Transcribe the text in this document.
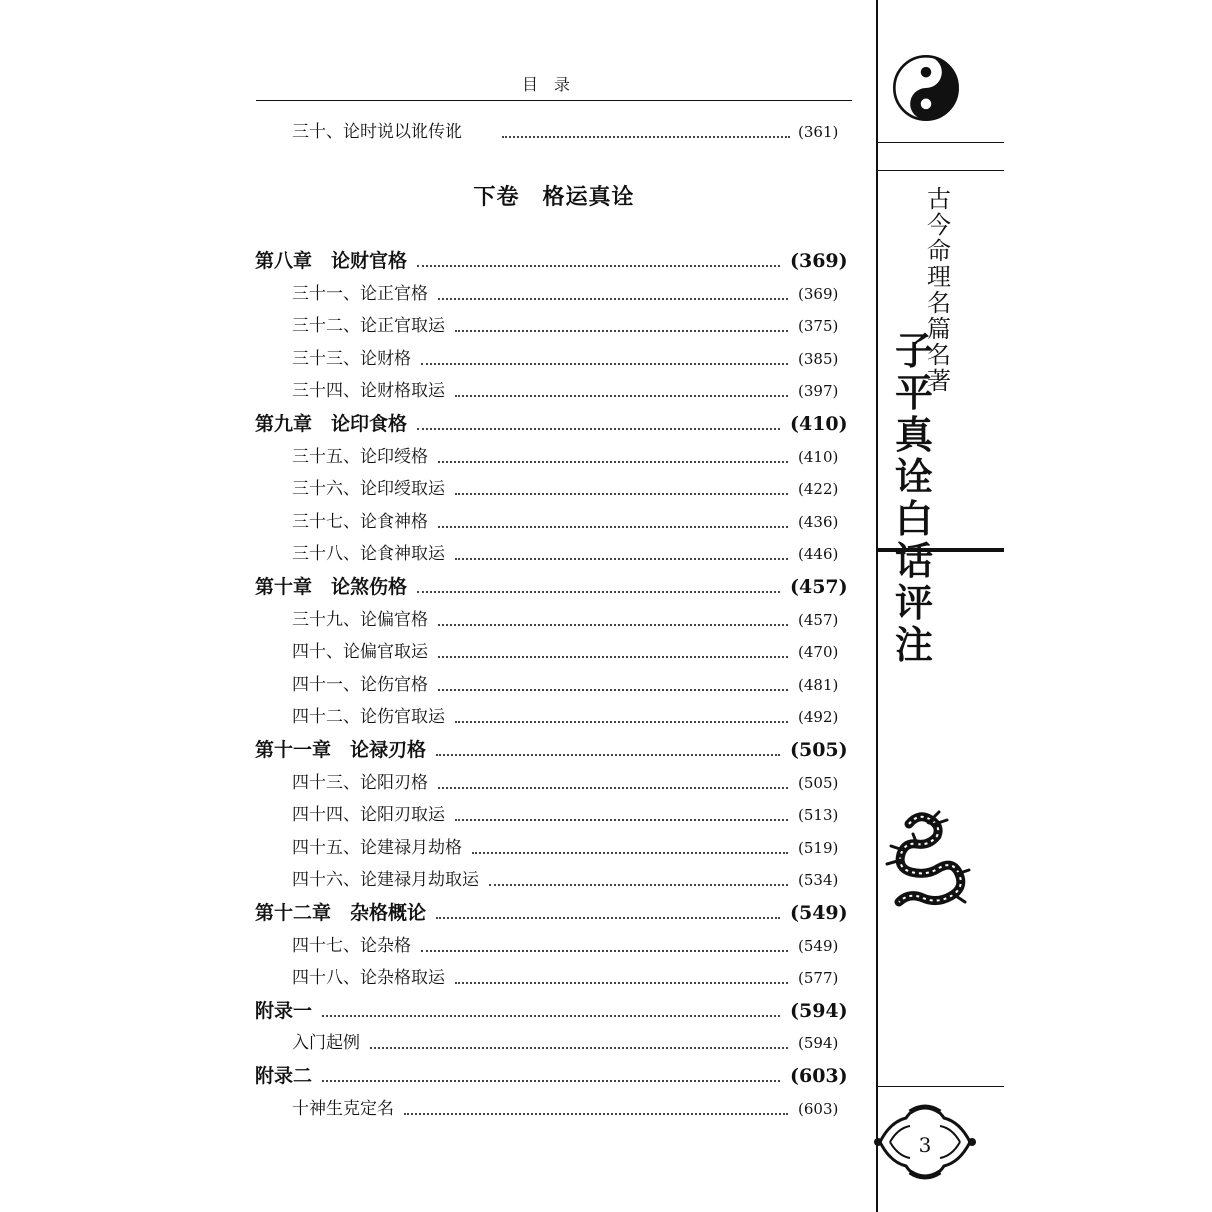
目录
三十、论时说以讹传讹	(361)
下卷　格运真诠
第八章　论财官格	(369)
三十一、论正官格	(369)
三十二、论正官取运	(375)
三十三、论财格	(385)
三十四、论财格取运	(397)
第九章　论印食格	(410)
三十五、论印绶格	(410)
三十六、论印绶取运	(422)
三十七、论食神格	(436)
三十八、论食神取运	(446)
第十章　论煞伤格	(457)
三十九、论偏官格	(457)
四十、论偏官取运	(470)
四十一、论伤官格	(481)
四十二、论伤官取运	(492)
第十一章　论禄刃格	(505)
四十三、论阳刃格	(505)
四十四、论阳刃取运	(513)
四十五、论建禄月劫格	(519)
四十六、论建禄月劫取运	(534)
第十二章　杂格概论	(549)
四十七、论杂格	(549)
四十八、论杂格取运	(577)
附录一	(594)
入门起例	(594)
附录二	(603)
十神生克定名	(603)
古今命理名篇名著
子平真诠白话评注
3
